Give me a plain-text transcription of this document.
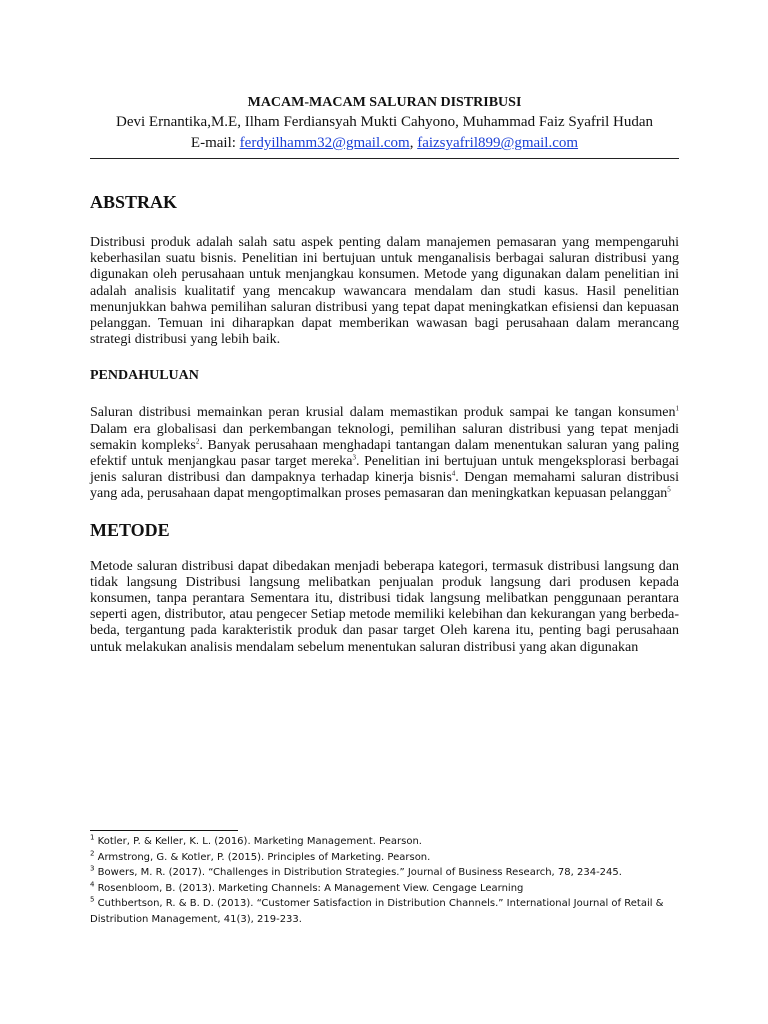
MACAM-MACAM SALURAN DISTRIBUSI
Devi Ernantika,M.E, Ilham Ferdiansyah Mukti Cahyono, Muhammad Faiz Syafril Hudan
E-mail: ferdyilhamm32@gmail.com, faizsyafril899@gmail.com
ABSTRAK

Distribusi produk adalah salah satu aspek penting dalam manajemen pemasaran yang mempengaruhi keberhasilan suatu bisnis. Penelitian ini bertujuan untuk menganalisis berbagai saluran distribusi yang digunakan oleh perusahaan untuk menjangkau konsumen. Metode yang digunakan dalam penelitian ini adalah analisis kualitatif yang mencakup wawancara mendalam dan studi kasus. Hasil penelitian menunjukkan bahwa pemilihan saluran distribusi yang tepat dapat meningkatkan efisiensi dan kepuasan pelanggan. Temuan ini diharapkan dapat memberikan wawasan bagi perusahaan dalam merancang strategi distribusi yang lebih baik.

PENDAHULUAN

Saluran distribusi memainkan peran krusial dalam memastikan produk sampai ke tangan konsumen$^1$ Dalam era globalisasi dan perkembangan teknologi, pemilihan saluran distribusi yang tepat menjadi semakin kompleks$^2$. Banyak perusahaan menghadapi tantangan dalam menentukan saluran yang paling efektif untuk menjangkau pasar target mereka$^3$. Penelitian ini bertujuan untuk mengeksplorasi berbagai jenis saluran distribusi dan dampaknya terhadap kinerja bisnis$^4$. Dengan memahami saluran distribusi yang ada, perusahaan dapat mengoptimalkan proses pemasaran dan meningkatkan kepuasan pelanggan$^5$

METODE

Metode saluran distribusi dapat dibedakan menjadi beberapa kategori, termasuk distribusi langsung dan tidak langsung Distribusi langsung melibatkan penjualan produk langsung dari produsen kepada konsumen, tanpa perantara Sementara itu, distribusi tidak langsung melibatkan penggunaan perantara seperti agen, distributor, atau pengecer Setiap metode memiliki kelebihan dan kekurangan yang berbeda-beda, tergantung pada karakteristik produk dan pasar target Oleh karena itu, penting bagi perusahaan untuk melakukan analisis mendalam sebelum menentukan saluran distribusi yang akan digunakan

$^1$ Kotler, P. & Keller, K. L. (2016). Marketing Management. Pearson.
$^2$ Armstrong, G. & Kotler, P. (2015). Principles of Marketing. Pearson.
$^3$ Bowers, M. R. (2017). “Challenges in Distribution Strategies.” Journal of Business Research, 78, 234-245.
$^4$ Rosenbloom, B. (2013). Marketing Channels: A Management View. Cengage Learning
$^5$ Cuthbertson, R. & B. D. (2013). “Customer Satisfaction in Distribution Channels.” International Journal of Retail & Distribution Management, 41(3), 219-233.
